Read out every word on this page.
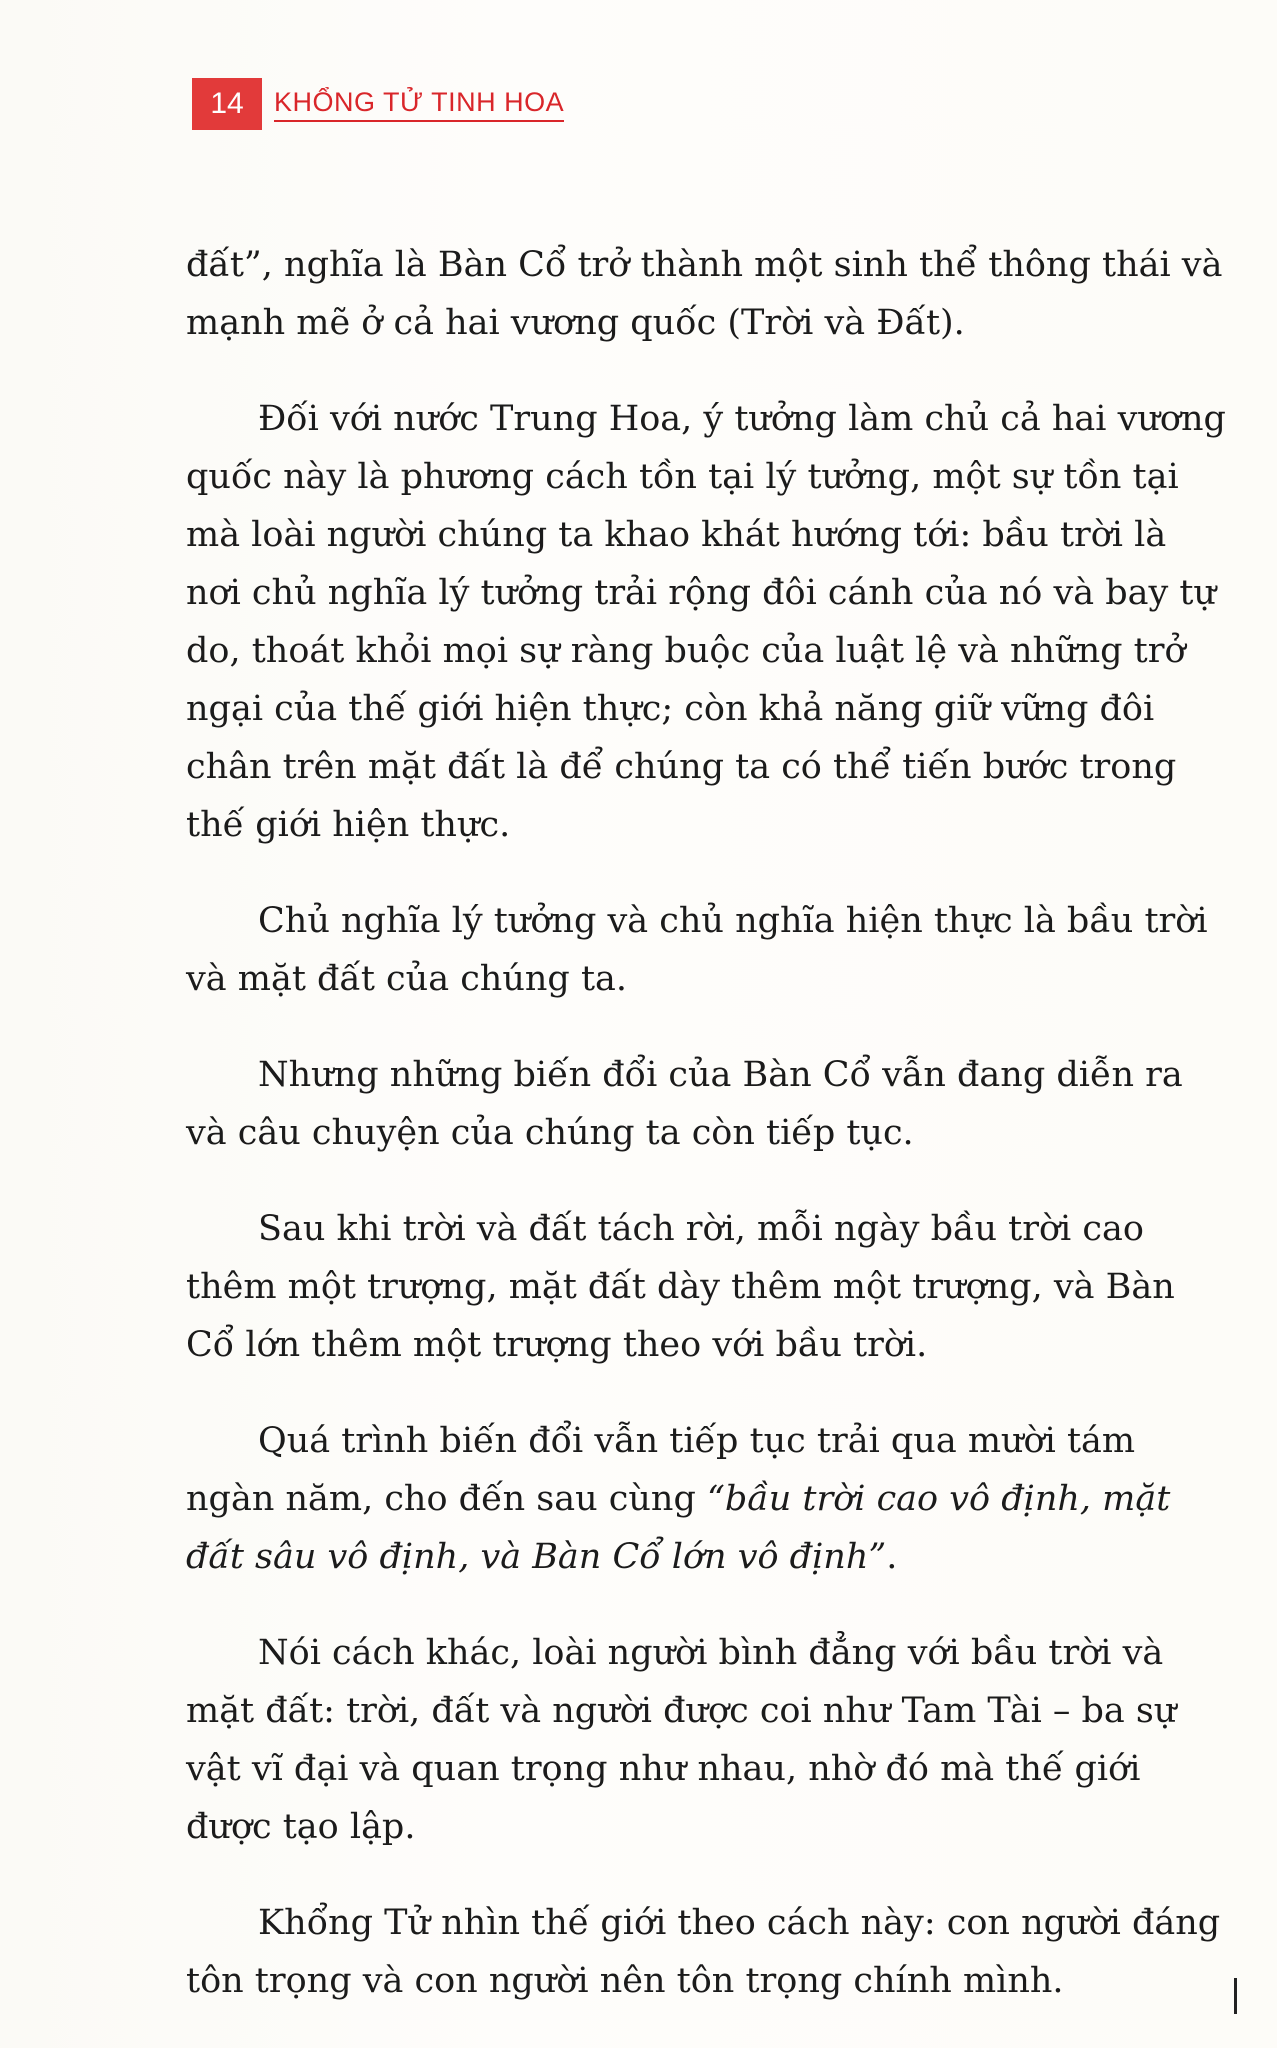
14	KHỔNG TỬ TINH HOA

đất”, nghĩa là Bàn Cổ trở thành một sinh thể thông thái và mạnh mẽ ở cả hai vương quốc (Trời và Đất).

Đối với nước Trung Hoa, ý tưởng làm chủ cả hai vương quốc này là phương cách tồn tại lý tưởng, một sự tồn tại mà loài người chúng ta khao khát hướng tới: bầu trời là nơi chủ nghĩa lý tưởng trải rộng đôi cánh của nó và bay tự do, thoát khỏi mọi sự ràng buộc của luật lệ và những trở ngại của thế giới hiện thực; còn khả năng giữ vững đôi chân trên mặt đất là để chúng ta có thể tiến bước trong thế giới hiện thực.

Chủ nghĩa lý tưởng và chủ nghĩa hiện thực là bầu trời và mặt đất của chúng ta.

Nhưng những biến đổi của Bàn Cổ vẫn đang diễn ra và câu chuyện của chúng ta còn tiếp tục.

Sau khi trời và đất tách rời, mỗi ngày bầu trời cao thêm một trượng, mặt đất dày thêm một trượng, và Bàn Cổ lớn thêm một trượng theo với bầu trời.

Quá trình biến đổi vẫn tiếp tục trải qua mười tám ngàn năm, cho đến sau cùng “bầu trời cao vô định, mặt đất sâu vô định, và Bàn Cổ lớn vô định”.

Nói cách khác, loài người bình đẳng với bầu trời và mặt đất: trời, đất và người được coi như Tam Tài – ba sự vật vĩ đại và quan trọng như nhau, nhờ đó mà thế giới được tạo lập.

Khổng Tử nhìn thế giới theo cách này: con người đáng tôn trọng và con người nên tôn trọng chính mình.
